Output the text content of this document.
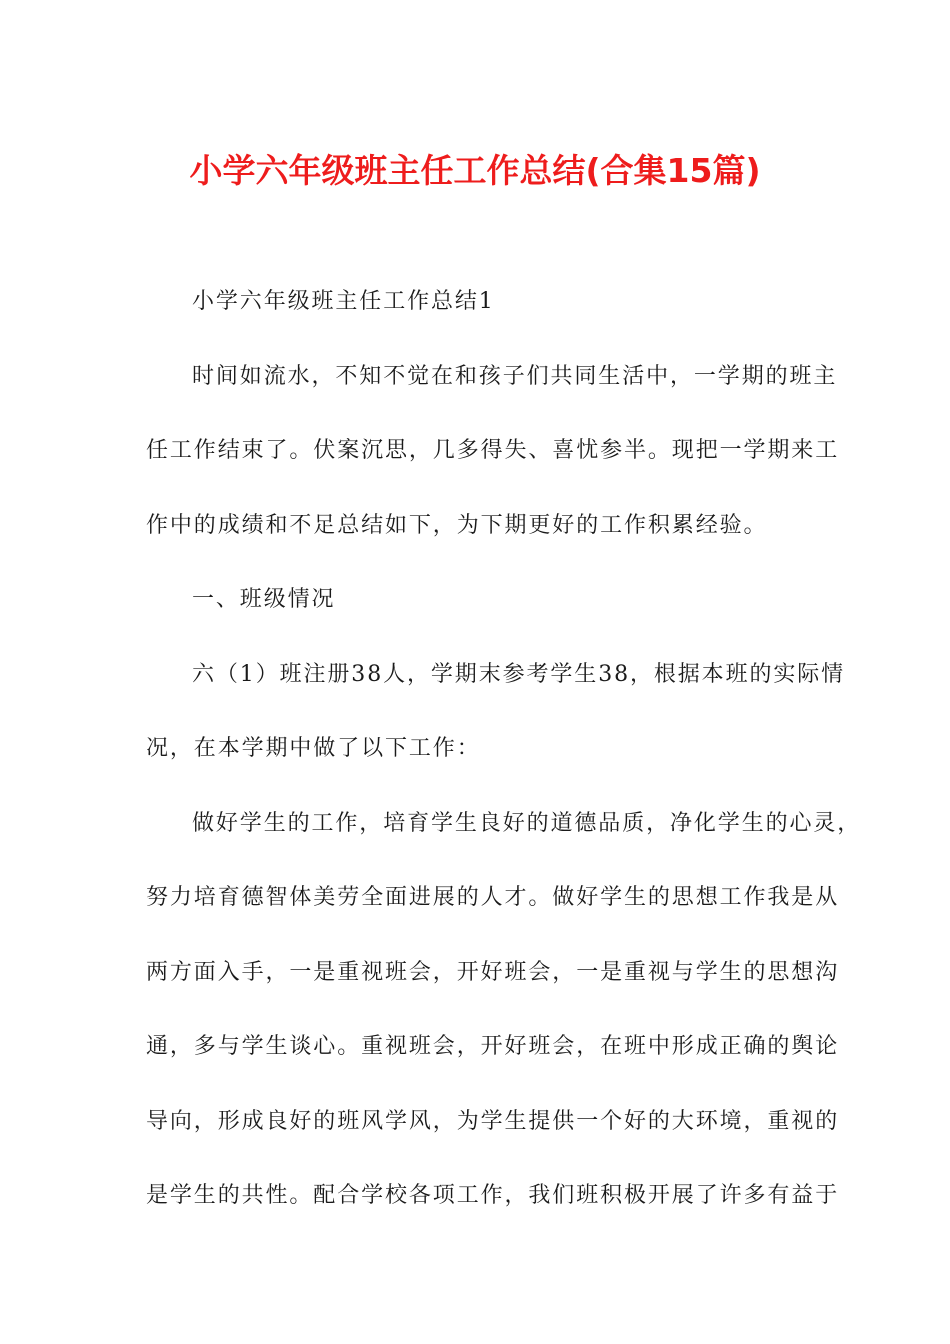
小学六年级班主任工作总结(合集15篇)
小学六年级班主任工作总结1
时间如流水，不知不觉在和孩子们共同生活中，一学期的班主
任工作结束了。伏案沉思，几多得失、喜忧参半。现把一学期来工
作中的成绩和不足总结如下，为下期更好的工作积累经验。
一、班级情况
六（1）班注册38人，学期末参考学生38，根据本班的实际情
况，在本学期中做了以下工作：
做好学生的工作，培育学生良好的道德品质，净化学生的心灵，
努力培育德智体美劳全面进展的人才。做好学生的思想工作我是从
两方面入手，一是重视班会，开好班会，一是重视与学生的思想沟
通，多与学生谈心。重视班会，开好班会，在班中形成正确的舆论
导向，形成良好的班风学风，为学生提供一个好的大环境，重视的
是学生的共性。配合学校各项工作，我们班积极开展了许多有益于
